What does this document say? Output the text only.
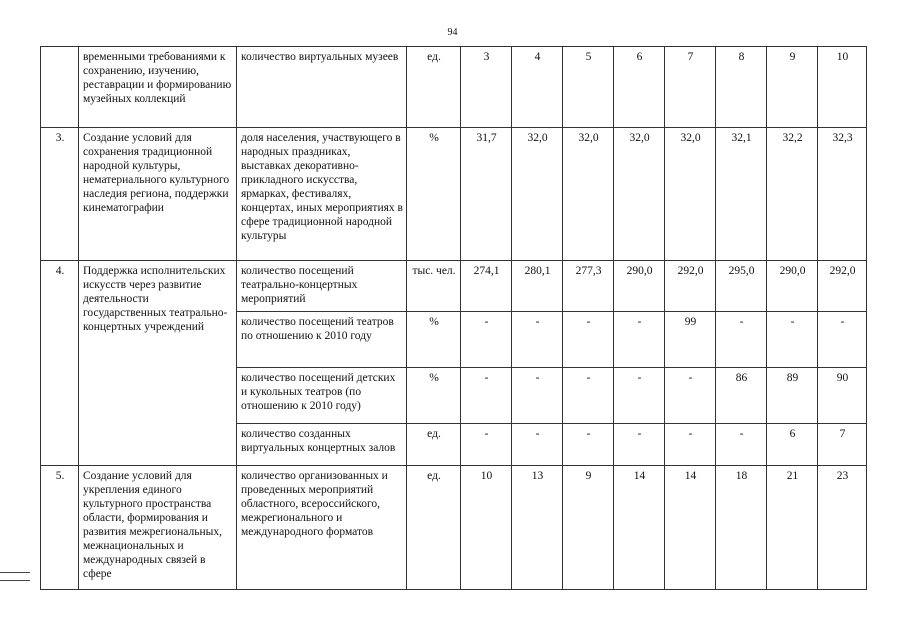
94
	временными требованиями к сохранению, изучению, реставрации и формированию музейных коллекций	количество виртуальных музеев	ед.	3	4	5	6	7	8	9	10
3.	Создание условий для сохранения традиционной народной культуры, нематериального культурного наследия региона, поддержки кинематографии	доля населения, участвующего в народных праздниках, выставках декоративно-прикладного искусства, ярмарках, фестивалях, концертах, иных мероприятиях в сфере традиционной народной культуры	%	31,7	32,0	32,0	32,0	32,0	32,1	32,2	32,3
4.	Поддержка исполнительских искусств через развитие деятельности государственных театрально-концертных учреждений	количество посещений театрально-концертных мероприятий	тыс. чел.	274,1	280,1	277,3	290,0	292,0	295,0	290,0	292,0
		количество посещений театров по отношению к 2010 году	%	-	-	-	-	99	-	-	-
		количество посещений детских и кукольных театров (по отношению к 2010 году)	%	-	-	-	-	-	86	89	90
		количество созданных виртуальных концертных залов	ед.	-	-	-	-	-	-	6	7
5.	Создание условий для укрепления единого культурного пространства области, формирования и развития межрегиональных, межнациональных и международных связей в сфере	количество организованных и проведенных мероприятий областного, всероссийского, межрегионального и международного форматов	ед.	10	13	9	14	14	18	21	23
